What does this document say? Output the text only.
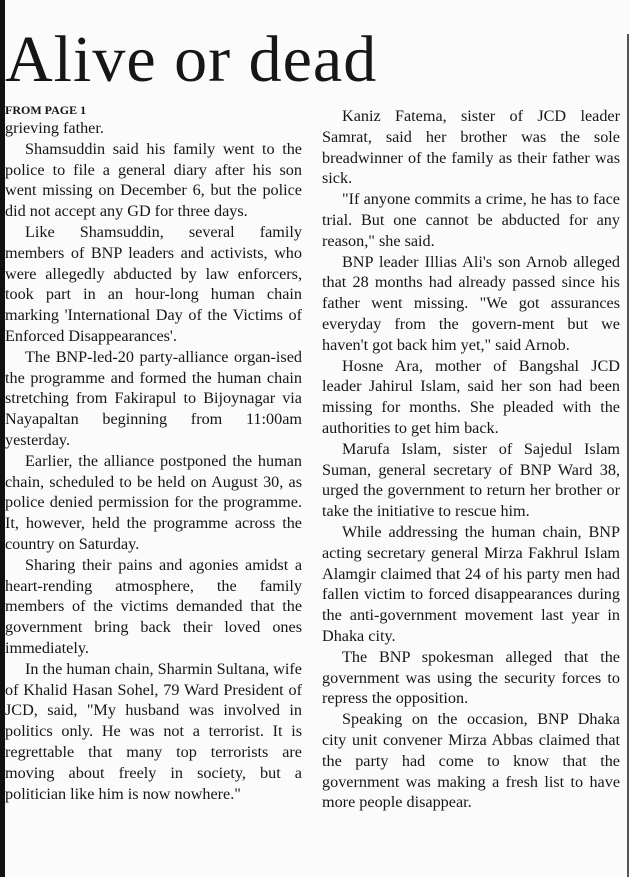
Alive or dead
FROM PAGE 1

grieving father.

Shamsuddin said his family went to the police to file a general diary after his son went missing on December 6, but the police did not accept any GD for three days.

Like Shamsuddin, several family members of BNP leaders and activists, who were allegedly abducted by law enforcers, took part in an hour-long human chain marking 'International Day of the Victims of Enforced Disappearances'.

The BNP-led-20 party-alliance organ-ised the programme and formed the human chain stretching from Fakirapul to Bijoynagar via Nayapaltan beginning from 11:00am yesterday.

Earlier, the alliance postponed the human chain, scheduled to be held on August 30, as police denied permission for the programme. It, however, held the programme across the country on Saturday.

Sharing their pains and agonies amidst a heart-rending atmosphere, the family members of the victims demanded that the government bring back their loved ones immediately.

In the human chain, Sharmin Sultana, wife of Khalid Hasan Sohel, 79 Ward President of JCD, said, "My husband was involved in politics only. He was not a terrorist. It is regrettable that many top terrorists are moving about freely in society, but a politician like him is now nowhere."

Kaniz Fatema, sister of JCD leader Samrat, said her brother was the sole breadwinner of the family as their father was sick.

"If anyone commits a crime, he has to face trial. But one cannot be abducted for any reason," she said.

BNP leader Illias Ali's son Arnob alleged that 28 months had already passed since his father went missing. "We got assurances everyday from the govern-ment but we haven't got back him yet," said Arnob.

Hosne Ara, mother of Bangshal JCD leader Jahirul Islam, said her son had been missing for months. She pleaded with the authorities to get him back.

Marufa Islam, sister of Sajedul Islam Suman, general secretary of BNP Ward 38, urged the government to return her brother or take the initiative to rescue him.

While addressing the human chain, BNP acting secretary general Mirza Fakhrul Islam Alamgir claimed that 24 of his party men had fallen victim to forced disappearances during the anti-government movement last year in Dhaka city.

The BNP spokesman alleged that the government was using the security forces to repress the opposition.

Speaking on the occasion, BNP Dhaka city unit convener Mirza Abbas claimed that the party had come to know that the government was making a fresh list to have more people disappear.
